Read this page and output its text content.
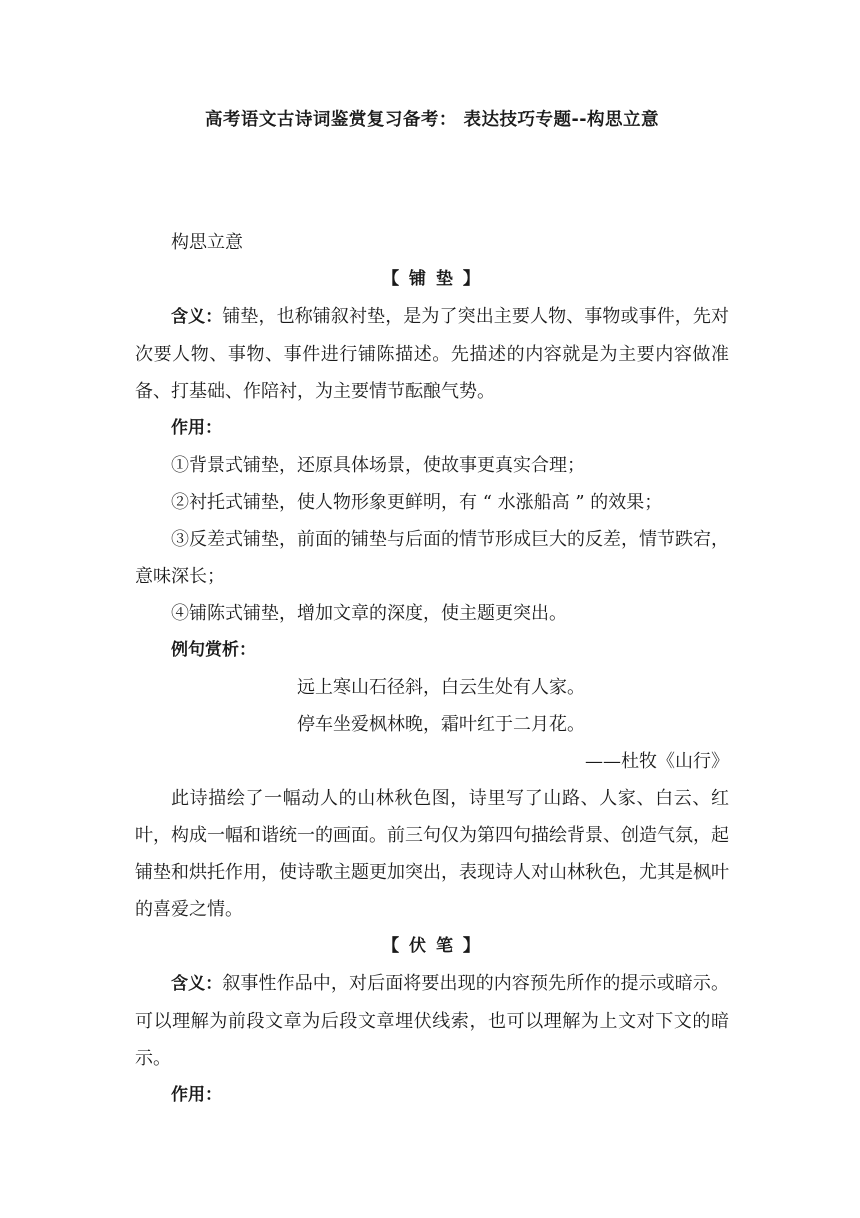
高考语文古诗词鉴赏复习备考： 表达技巧专题--构思立意

构思立意

【 铺 垫 】

含义：铺垫，也称铺叙衬垫，是为了突出主要人物、事物或事件，先对次要人物、事物、事件进行铺陈描述。先描述的内容就是为主要内容做准备、打基础、作陪衬，为主要情节酝酿气势。

作用：

①背景式铺垫，还原具体场景，使故事更真实合理；

②衬托式铺垫，使人物形象更鲜明，有 “ 水涨船高 ” 的效果；

③反差式铺垫，前面的铺垫与后面的情节形成巨大的反差，情节跌宕，意味深长；

④铺陈式铺垫，增加文章的深度，使主题更突出。

例句赏析：

远上寒山石径斜，白云生处有人家。

停车坐爱枫林晚，霜叶红于二月花。

——杜牧《山行》

此诗描绘了一幅动人的山林秋色图，诗里写了山路、人家、白云、红叶，构成一幅和谐统一的画面。前三句仅为第四句描绘背景、创造气氛，起铺垫和烘托作用，使诗歌主题更加突出，表现诗人对山林秋色，尤其是枫叶的喜爱之情。

【 伏 笔 】

含义：叙事性作品中，对后面将要出现的内容预先所作的提示或暗示。可以理解为前段文章为后段文章埋伏线索，也可以理解为上文对下文的暗示。

作用：
